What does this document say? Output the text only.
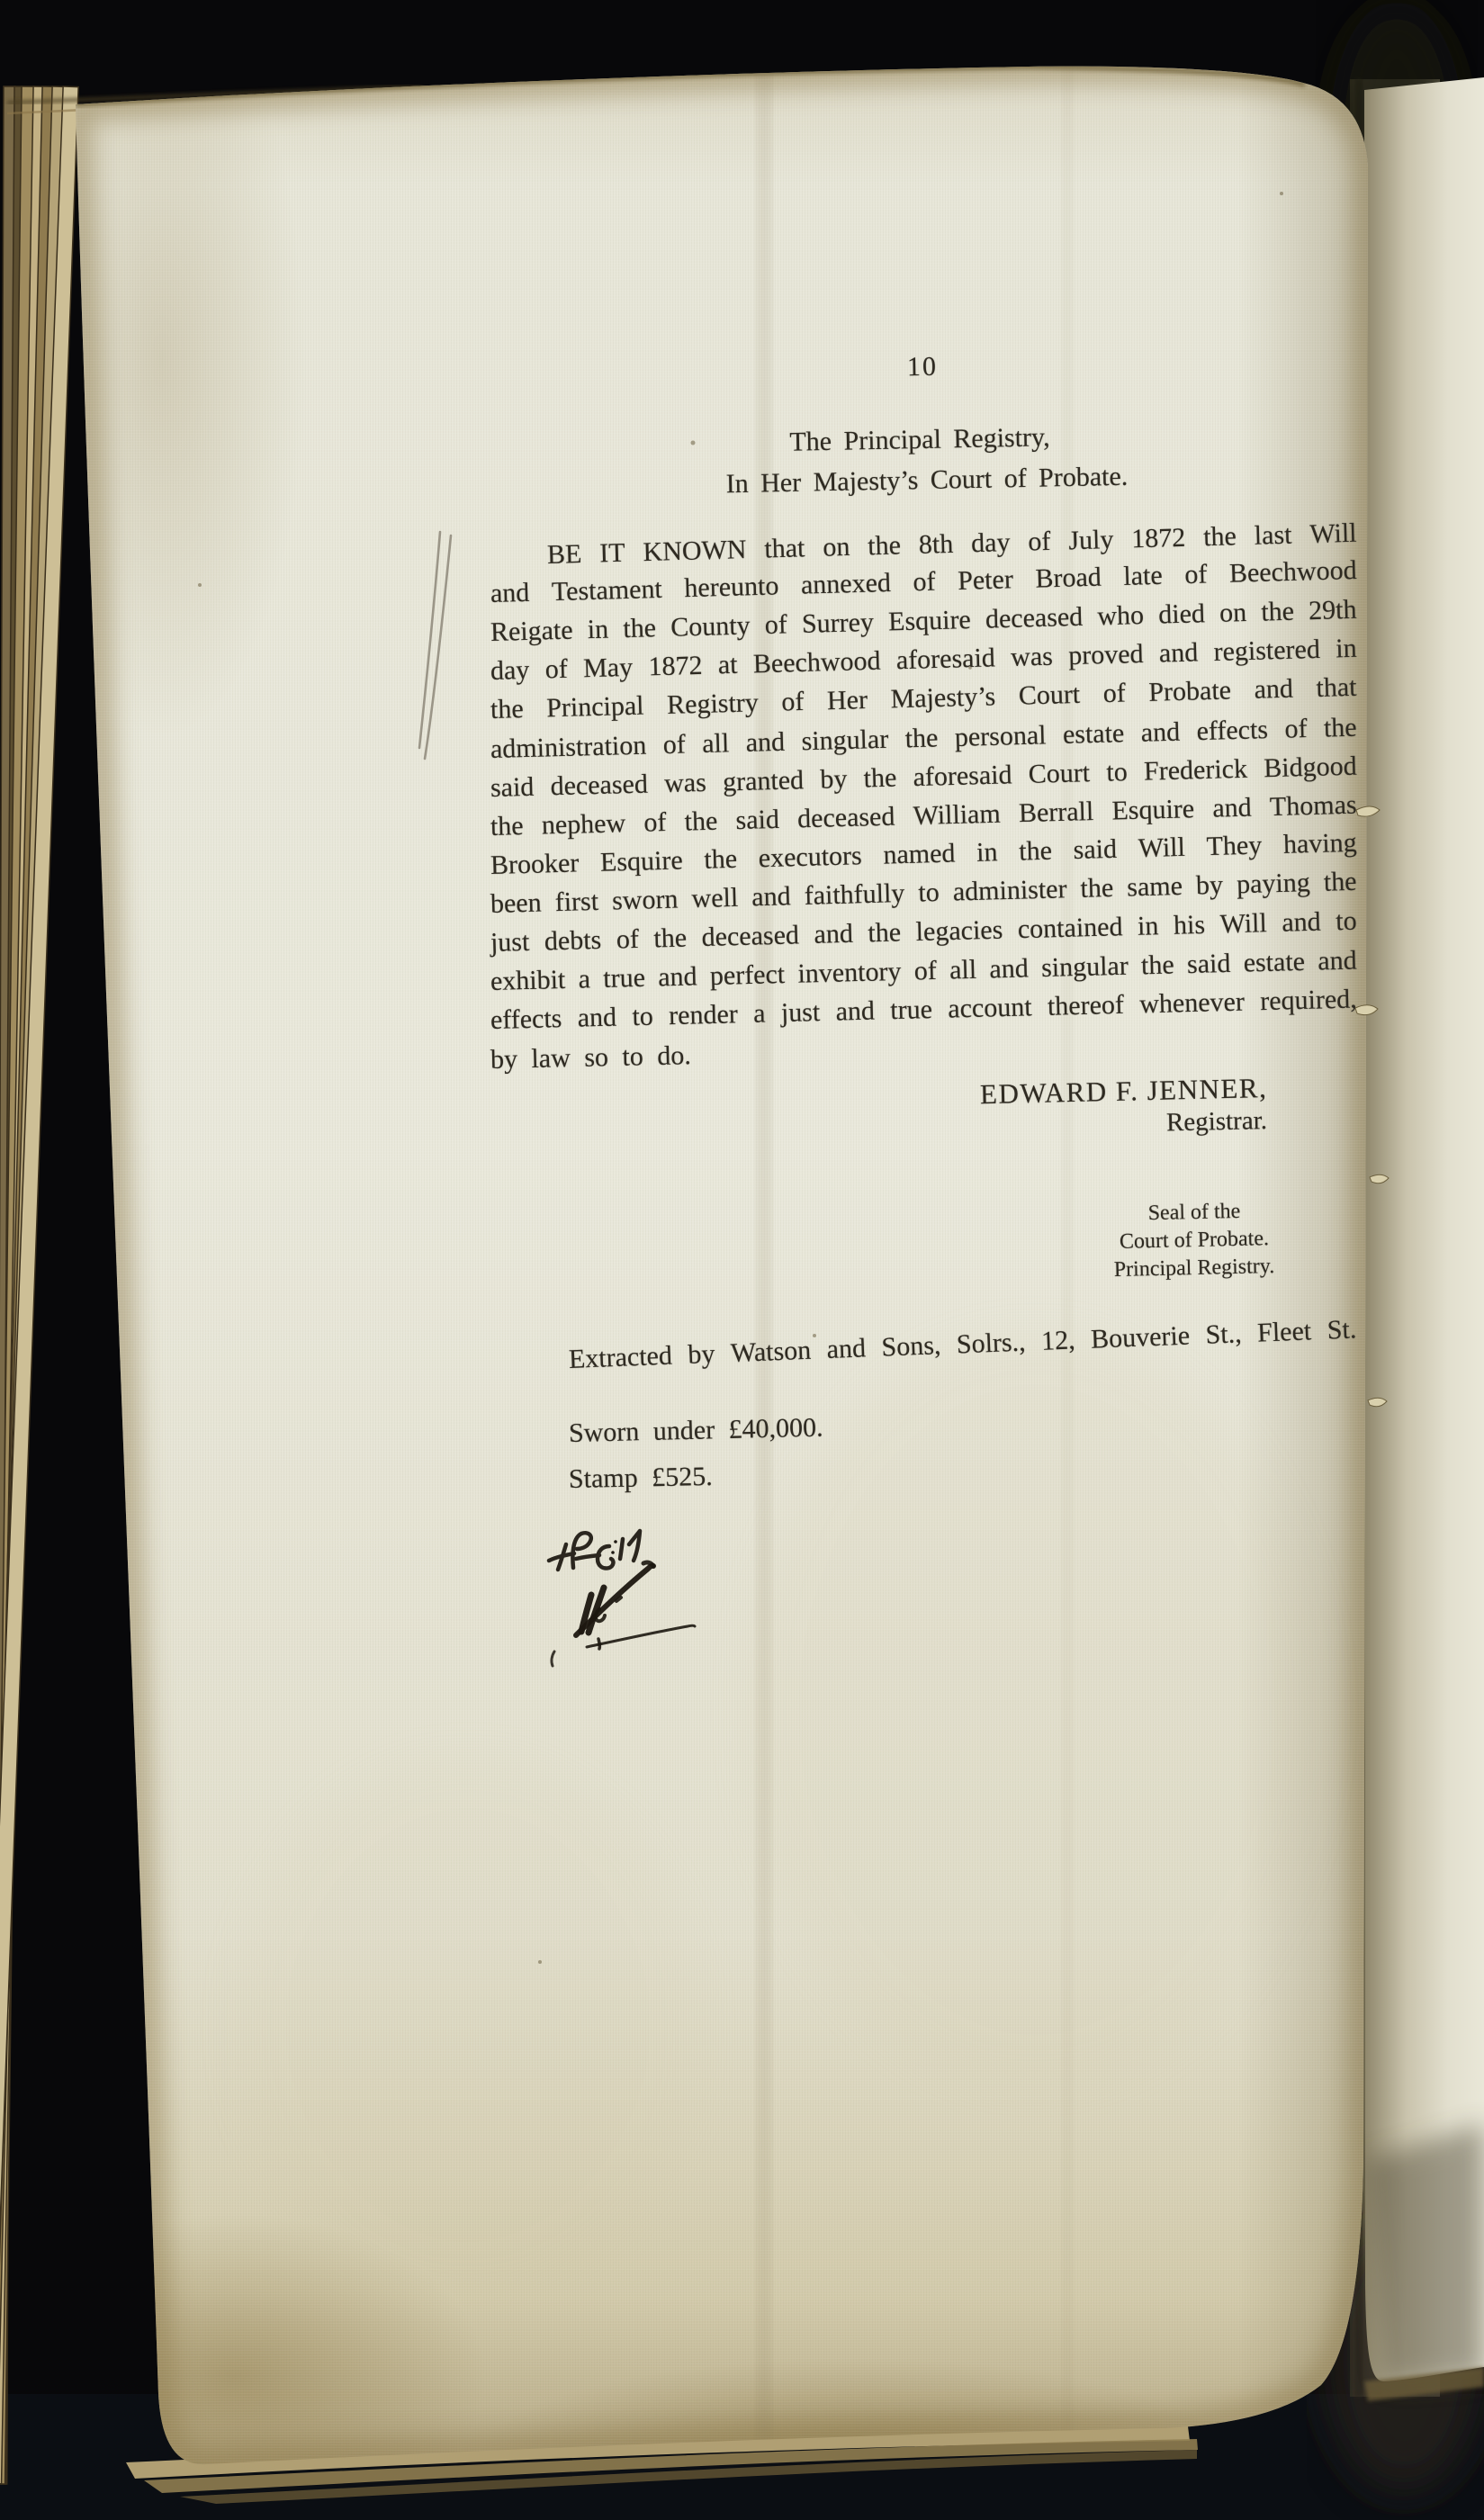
10
The Principal Registry,
In Her Majesty’s Court of Probate.
BE IT KNOWN that on the 8th day of July 1872 the last Will
and Testament hereunto annexed of Peter Broad late of Beechwood
Reigate in the County of Surrey Esquire deceased who died on the 29th
day of May 1872 at Beechwood aforesaid was proved and registered in
the Principal Registry of Her Majesty’s Court of Probate and that
administration of all and singular the personal estate and effects of the
said deceased was granted by the aforesaid Court to Frederick Bidgood
the nephew of the said deceased William Berrall Esquire and Thomas
Brooker Esquire the executors named in the said Will They having
been first sworn well and faithfully to administer the same by paying the
just debts of the deceased and the legacies contained in his Will and to
exhibit a true and perfect inventory of all and singular the said estate and
effects and to render a just and true account thereof whenever required,
by law so to do.
EDWARD F. JENNER,
Registrar.
Seal of the
Court of Probate.
Principal Registry.
Extracted by Watson and Sons, Solrs., 12, Bouverie St., Fleet St.
Sworn under £40,000.
Stamp £525.
